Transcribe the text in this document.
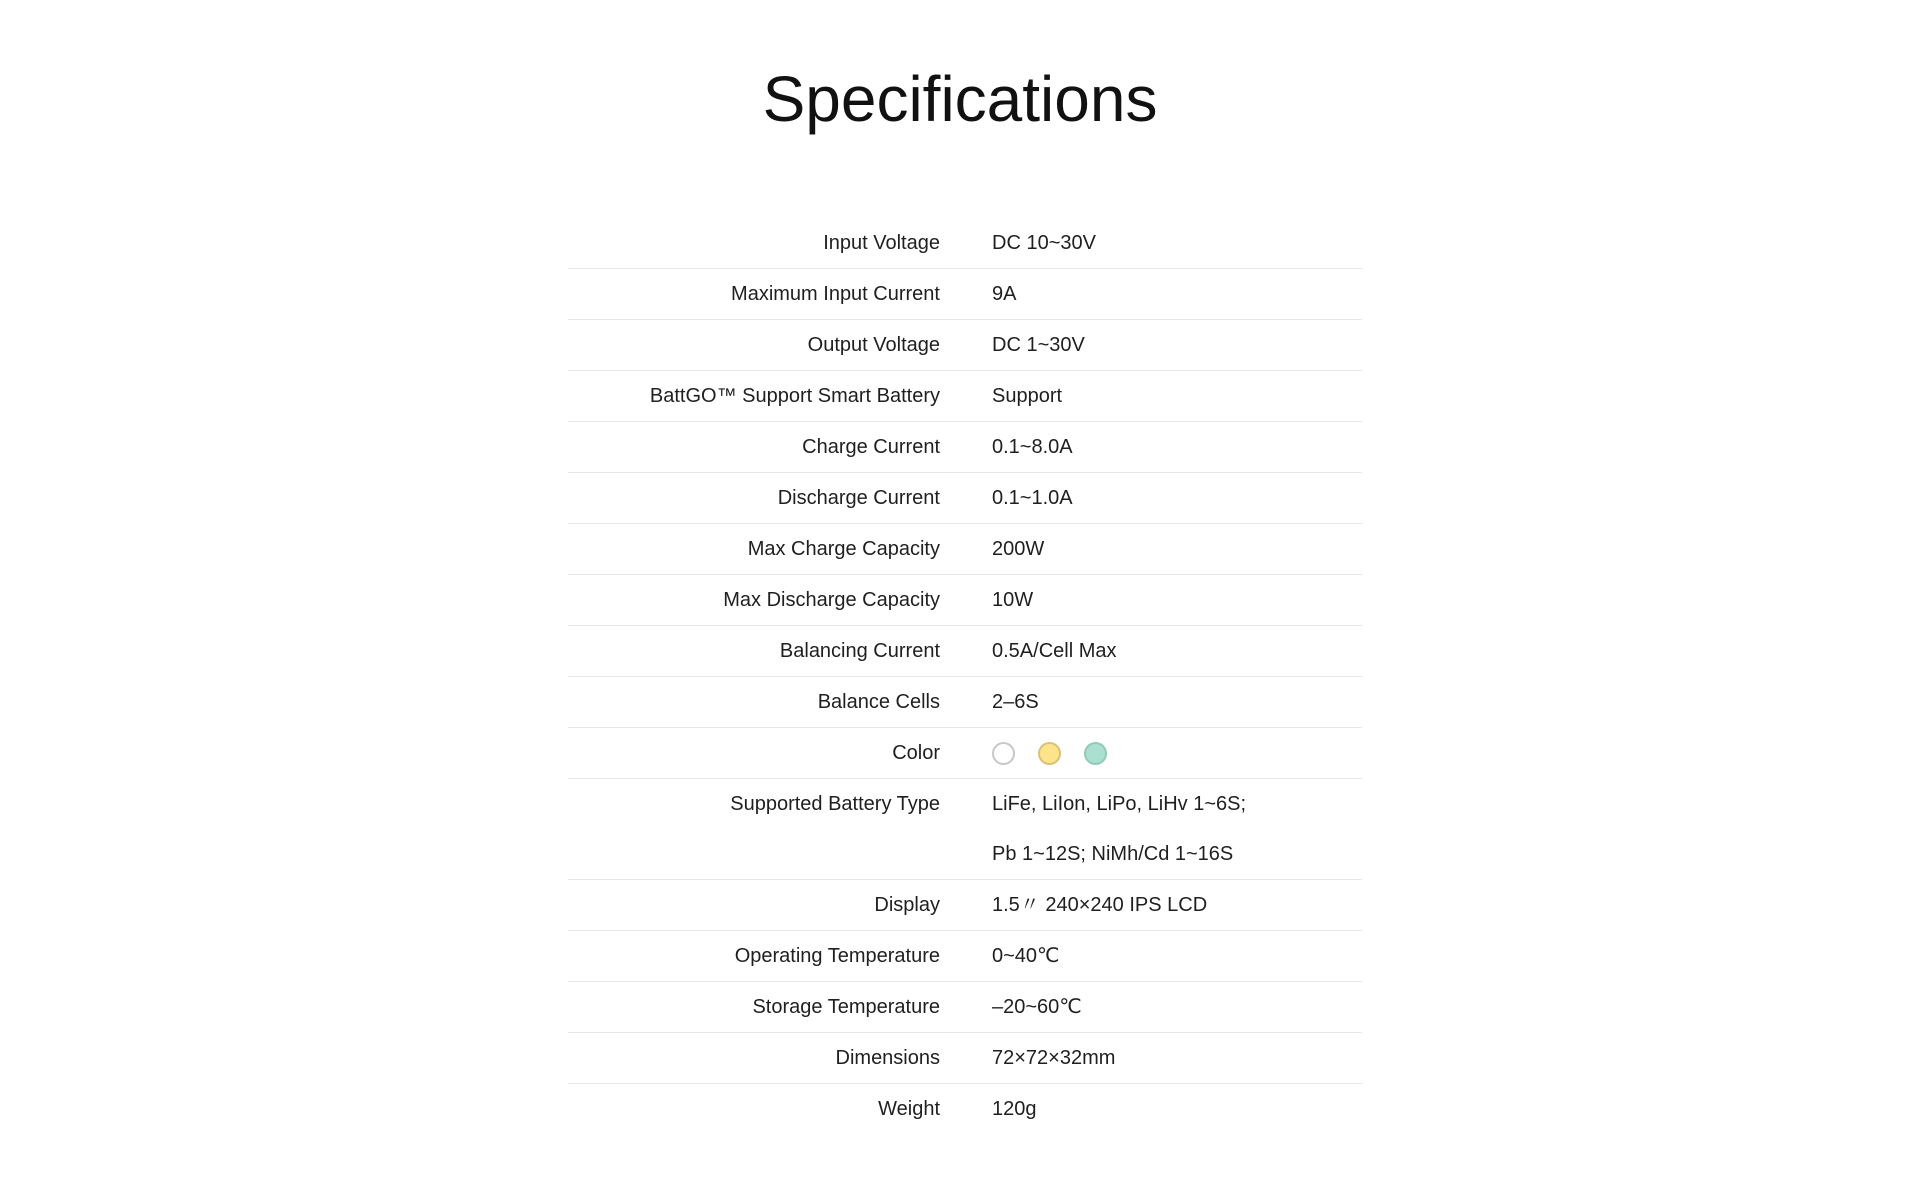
Specifications
Input Voltage	DC 10~30V
Maximum Input Current	9A
Output Voltage	DC 1~30V
BattGO™ Support Smart Battery	Support
Charge Current	0.1~8.0A
Discharge Current	0.1~1.0A
Max Charge Capacity	200W
Max Discharge Capacity	10W
Balancing Current	0.5A/Cell Max
Balance Cells	2–6S
Color
Supported Battery Type	LiFe, LiIon, LiPo, LiHv 1~6S;
Pb 1~12S; NiMh/Cd 1~16S
Display	1.5〃 240×240 IPS LCD
Operating Temperature	0~40℃
Storage Temperature	–20~60℃
Dimensions	72×72×32mm
Weight	120g
